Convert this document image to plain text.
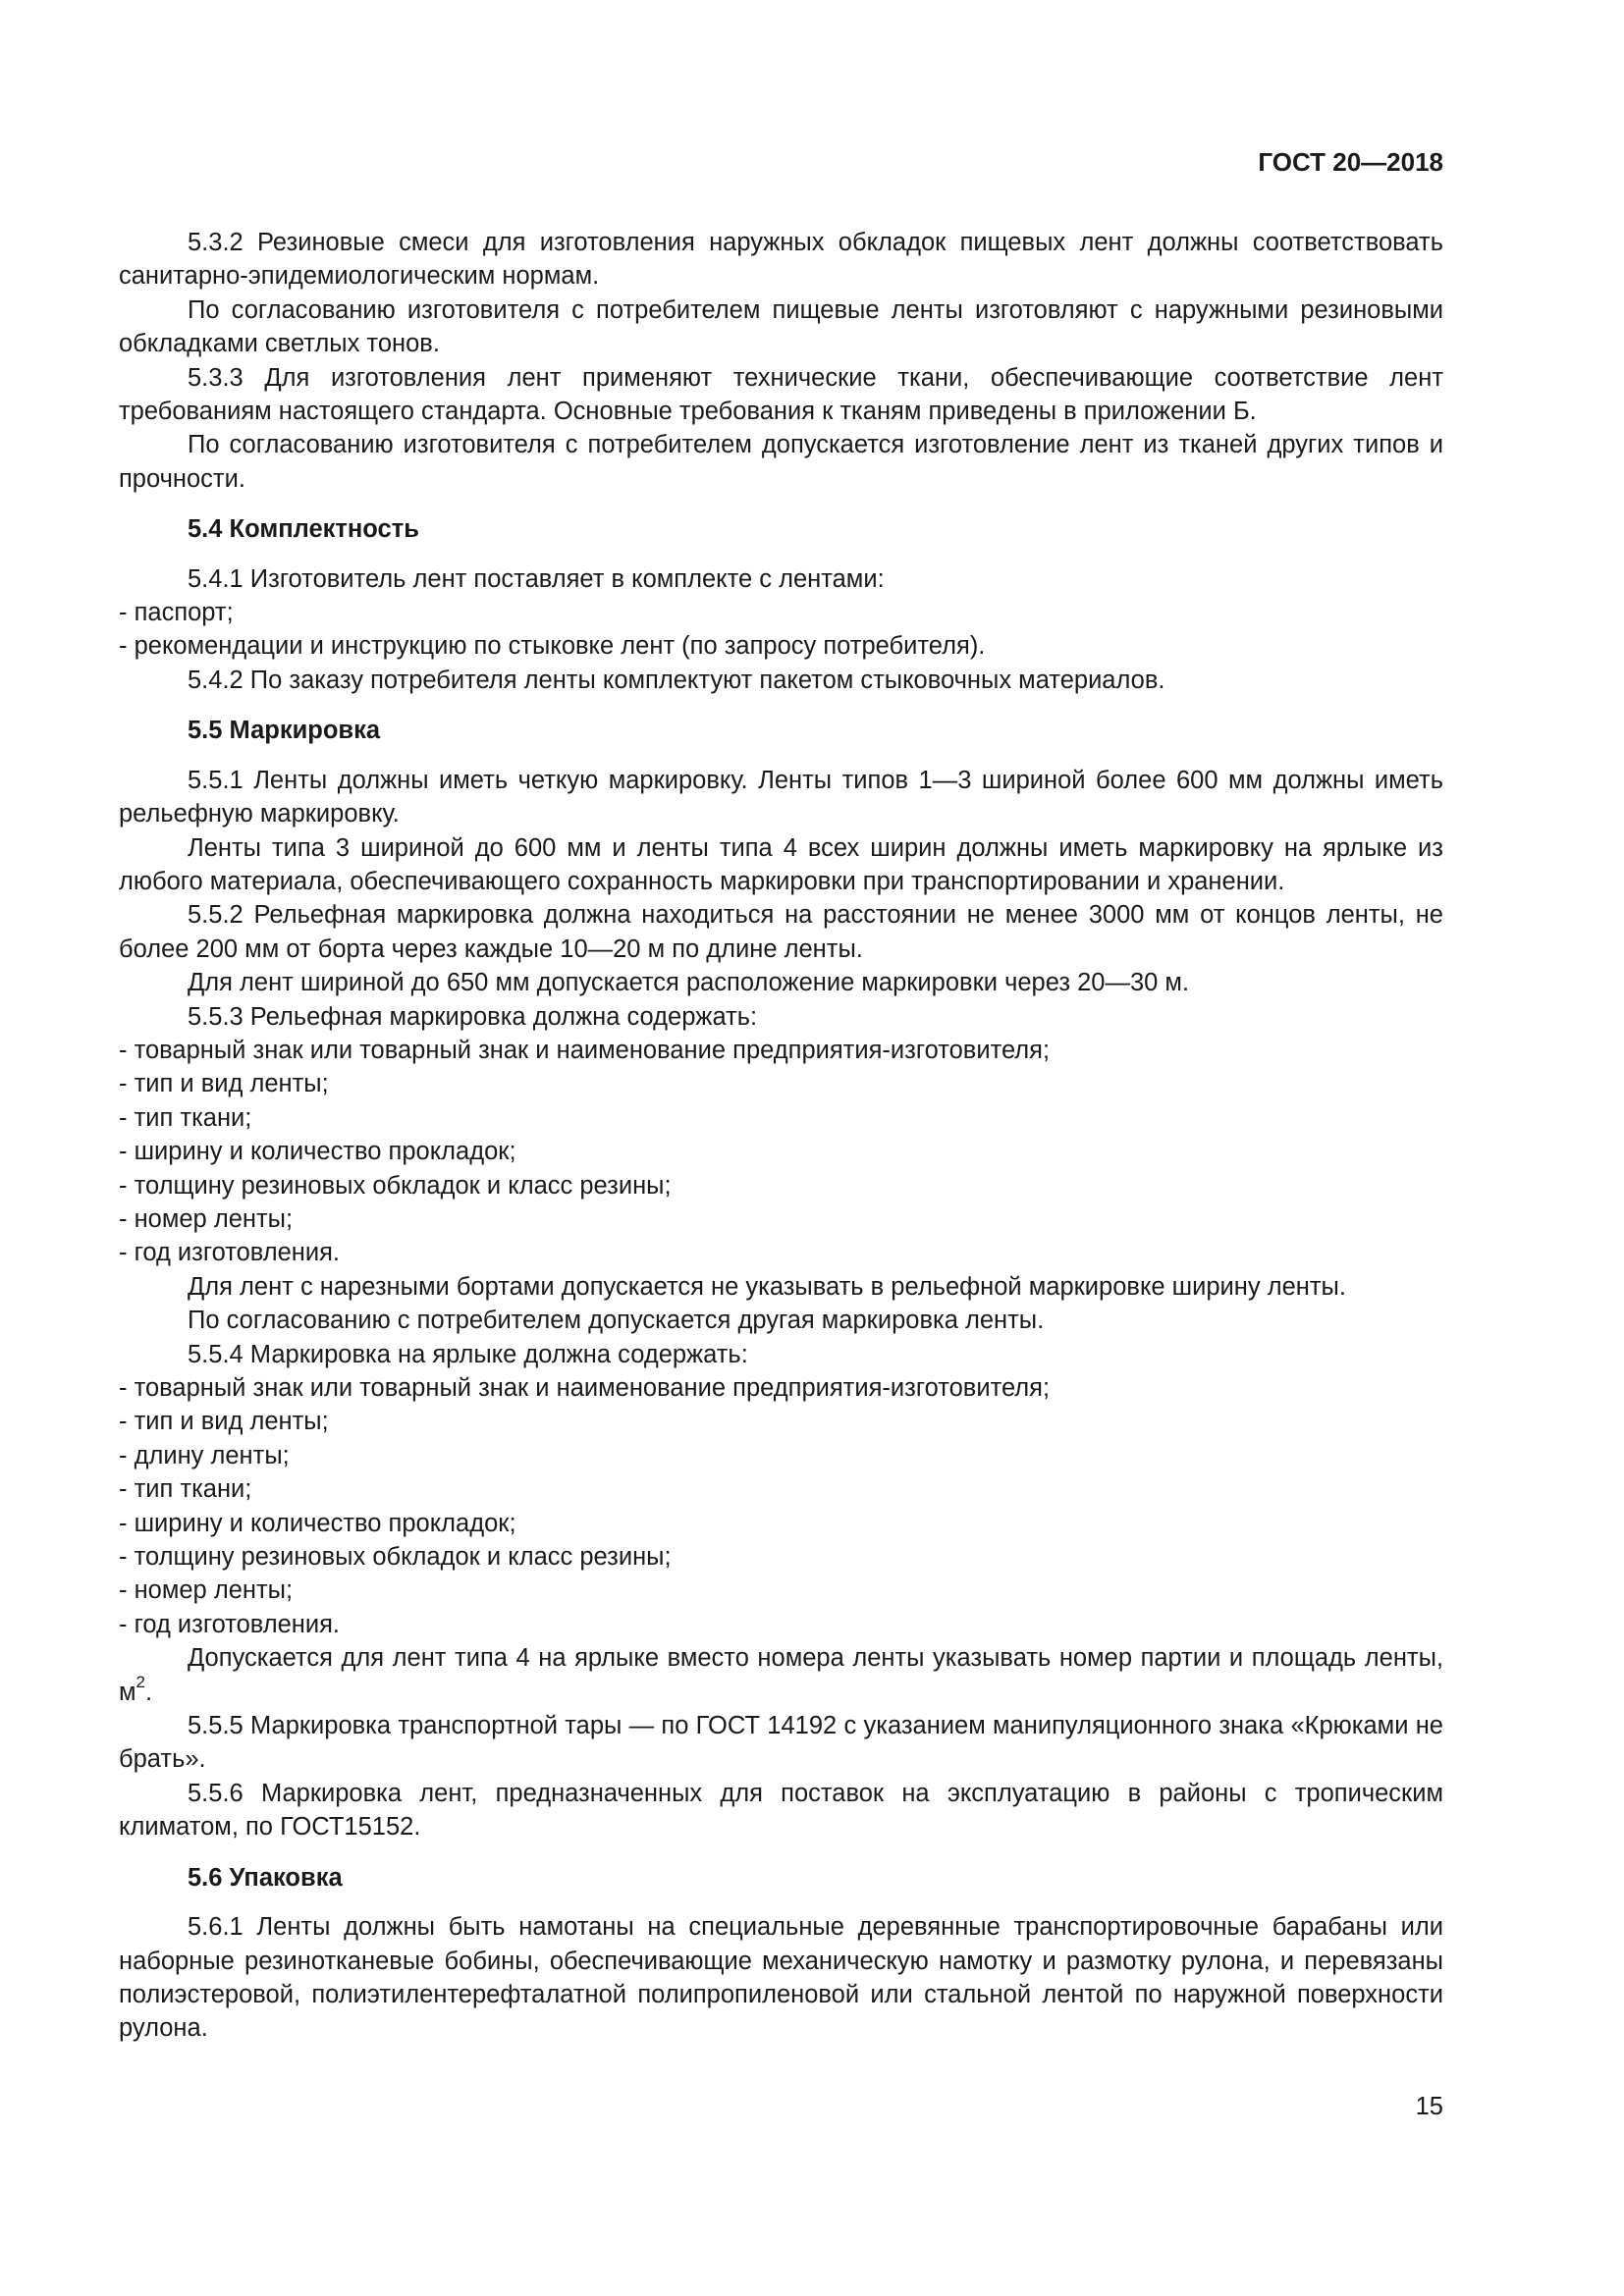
ГОСТ 20—2018

5.3.2 Резиновые смеси для изготовления наружных обкладок пищевых лент должны соответствовать санитарно-эпидемиологическим нормам.

По согласованию изготовителя с потребителем пищевые ленты изготовляют с наружными резиновыми обкладками светлых тонов.

5.3.3 Для изготовления лент применяют технические ткани, обеспечивающие соответствие лент требованиям настоящего стандарта. Основные требования к тканям приведены в приложении Б.

По согласованию изготовителя с потребителем допускается изготовление лент из тканей других типов и прочности.

5.4 Комплектность

5.4.1 Изготовитель лент поставляет в комплекте с лентами:

- паспорт;

- рекомендации и инструкцию по стыковке лент (по запросу потребителя).

5.4.2 По заказу потребителя ленты комплектуют пакетом стыковочных материалов.

5.5 Маркировка

5.5.1 Ленты должны иметь четкую маркировку. Ленты типов 1—3 шириной более 600 мм должны иметь рельефную маркировку.

Ленты типа 3 шириной до 600 мм и ленты типа 4 всех ширин должны иметь маркировку на ярлыке из любого материала, обеспечивающего сохранность маркировки при транспортировании и хранении.

5.5.2 Рельефная маркировка должна находиться на расстоянии не менее 3000 мм от концов ленты, не более 200 мм от борта через каждые 10—20 м по длине ленты.

Для лент шириной до 650 мм допускается расположение маркировки через 20—30 м.

5.5.3 Рельефная маркировка должна содержать:

- товарный знак или товарный знак и наименование предприятия-изготовителя;

- тип и вид ленты;

- тип ткани;

- ширину и количество прокладок;

- толщину резиновых обкладок и класс резины;

- номер ленты;

- год изготовления.

Для лент с нарезными бортами допускается не указывать в рельефной маркировке ширину ленты.

По согласованию с потребителем допускается другая маркировка ленты.

5.5.4 Маркировка на ярлыке должна содержать:

- товарный знак или товарный знак и наименование предприятия-изготовителя;

- тип и вид ленты;

- длину ленты;

- тип ткани;

- ширину и количество прокладок;

- толщину резиновых обкладок и класс резины;

- номер ленты;

- год изготовления.

Допускается для лент типа 4 на ярлыке вместо номера ленты указывать номер партии и площадь ленты, $м^2$.

5.5.5 Маркировка транспортной тары — по ГОСТ 14192 с указанием манипуляционного знака «Крюками не брать».

5.5.6 Маркировка лент, предназначенных для поставок на эксплуатацию в районы с тропическим климатом, по ГОСТ15152.

5.6 Упаковка

5.6.1 Ленты должны быть намотаны на специальные деревянные транспортировочные барабаны или наборные резинотканевые бобины, обеспечивающие механическую намотку и размотку рулона, и перевязаны полиэстеровой, полиэтилентерефталатной полипропиленовой или стальной лентой по наружной поверхности рулона.

15
